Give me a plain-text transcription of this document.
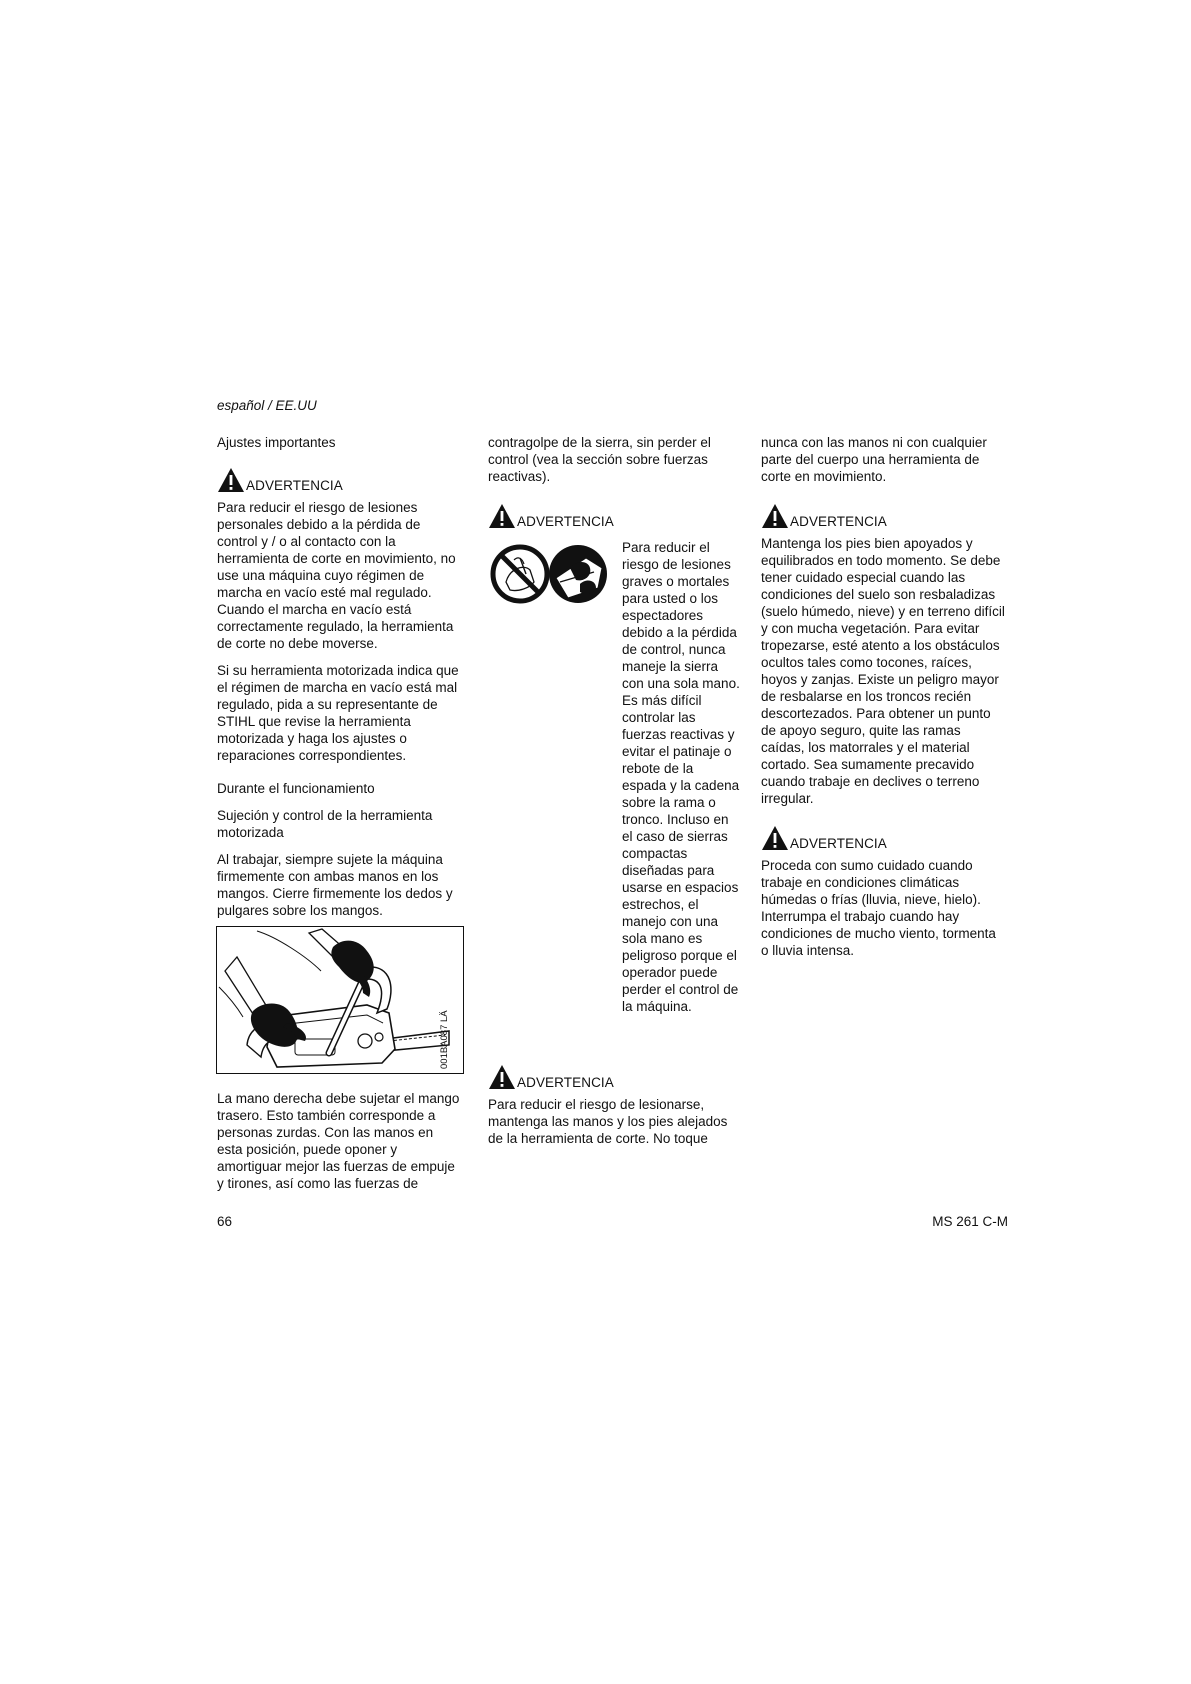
español / EE.UU
Ajustes importantes
ADVERTENCIA

Para reducir el riesgo de lesiones personales debido a la pérdida de control y / o al contacto con la herramienta de corte en movimiento, no use una máquina cuyo régimen de marcha en vacío esté mal regulado. Cuando el marcha en vacío está correctamente regulado, la herramienta de corte no debe moverse.

Si su herramienta motorizada indica que el régimen de marcha en vacío está mal regulado, pida a su representante de STIHL que revise la herramienta motorizada y haga los ajustes o reparaciones correspondientes.

Durante el funcionamiento
Sujeción y control de la herramienta motorizada

Al trabajar, siempre sujete la máquina firmemente con ambas manos en los mangos. Cierre firmemente los dedos y pulgares sobre los mangos.

001BA087 LÄ

La mano derecha debe sujetar el mango trasero. Esto también corresponde a personas zurdas. Con las manos en esta posición, puede oponer y amortiguar mejor las fuerzas de empuje y tirones, así como las fuerzas de

contragolpe de la sierra, sin perder el control (vea la sección sobre fuerzas reactivas).

ADVERTENCIA
Para reducir el riesgo de lesiones graves o mortales para usted o los espectadores debido a la pérdida de control, nunca maneje la sierra con una sola mano. Es más difícil controlar las fuerzas reactivas y evitar el patinaje o rebote de la espada y la cadena sobre la rama o tronco. Incluso en el caso de sierras compactas diseñadas para usarse en espacios estrechos, el manejo con una sola mano es peligroso porque el operador puede perder el control de la máquina.
ADVERTENCIA

Para reducir el riesgo de lesionarse, mantenga las manos y los pies alejados de la herramienta de corte. No toque

nunca con las manos ni con cualquier parte del cuerpo una herramienta de corte en movimiento.

ADVERTENCIA

Mantenga los pies bien apoyados y equilibrados en todo momento. Se debe tener cuidado especial cuando las condiciones del suelo son resbaladizas (suelo húmedo, nieve) y en terreno difícil y con mucha vegetación. Para evitar tropezarse, esté atento a los obstáculos ocultos tales como tocones, raíces, hoyos y zanjas. Existe un peligro mayor de resbalarse en los troncos recién descortezados. Para obtener un punto de apoyo seguro, quite las ramas caídas, los matorrales y el material cortado. Sea sumamente precavido cuando trabaje en declives o terreno irregular.

ADVERTENCIA

Proceda con sumo cuidado cuando trabaje en condiciones climáticas húmedas o frías (lluvia, nieve, hielo). Interrumpa el trabajo cuando hay condiciones de mucho viento, tormenta o lluvia intensa.

66	MS 261 C-M
